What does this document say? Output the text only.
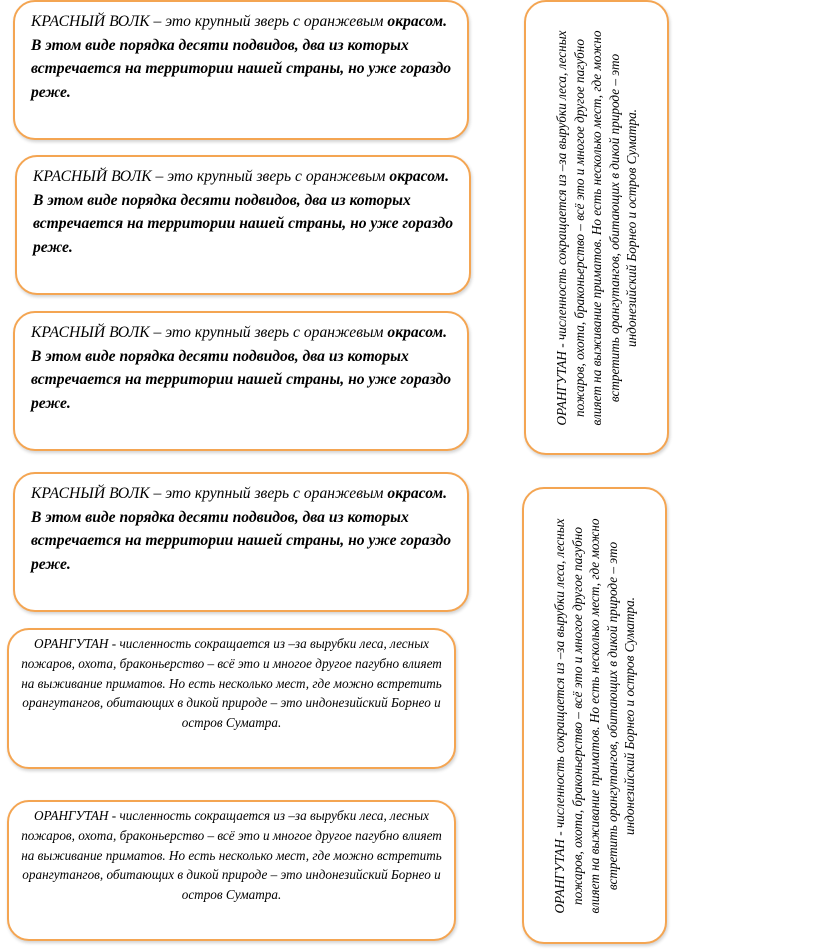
КРАСНЫЙ ВОЛК – это крупный зверь с оранжевым окрасом. В этом виде порядка десяти подвидов, два из которых встречается на территории нашей страны, но уже гораздо реже.

КРАСНЫЙ ВОЛК – это крупный зверь с оранжевым окрасом. В этом виде порядка десяти подвидов, два из которых встречается на территории нашей страны, но уже гораздо реже.

КРАСНЫЙ ВОЛК – это крупный зверь с оранжевым окрасом. В этом виде порядка десяти подвидов, два из которых встречается на территории нашей страны, но уже гораздо реже.

КРАСНЫЙ ВОЛК – это крупный зверь с оранжевым окрасом. В этом виде порядка десяти подвидов, два из которых встречается на территории нашей страны, но уже гораздо реже.

ОРАНГУТАН - численность сокращается из –за вырубки леса, лесных пожаров, охота, браконьерство – всё это и многое другое пагубно влияет на выживание приматов. Но есть несколько мест, где можно встретить орангутангов, обитающих в дикой природе – это индонезийский Борнео и остров Суматра.

ОРАНГУТАН - численность сокращается из –за вырубки леса, лесных пожаров, охота, браконьерство – всё это и многое другое пагубно влияет на выживание приматов. Но есть несколько мест, где можно встретить орангутангов, обитающих в дикой природе – это индонезийский Борнео и остров Суматра.

ОРАНГУТАН - численность сокращается из –за вырубки леса, лесных пожаров, охота, браконьерство – всё это и многое другое пагубно влияет на выживание приматов. Но есть несколько мест, где можно встретить орангутангов, обитающих в дикой природе – это индонезийский Борнео и остров Суматра.
ОРАНГУТАН - численность сокращается из –за вырубки леса, лесных пожаров, охота, браконьерство – всё это и многое другое пагубно влияет на выживание приматов. Но есть несколько мест, где можно встретить орангутангов, обитающих в дикой природе – это индонезийский Борнео и остров Суматра.
